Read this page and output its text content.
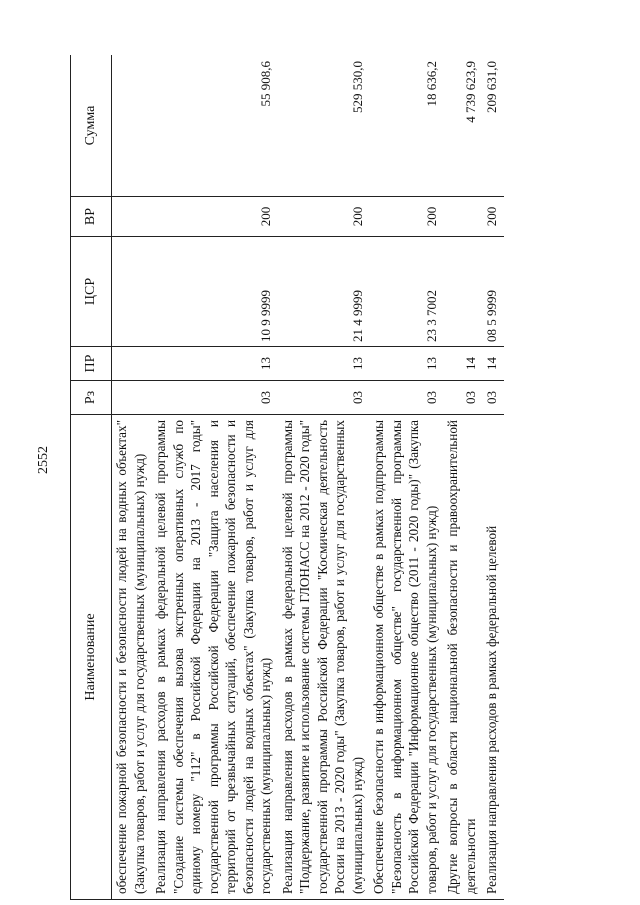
2552
Наименование	Рз	ПР	ЦСР	ВР	Сумма
обеспечение пожарной безопасности и безопасности людей на водных объектах" (Закупка товаров, работ и услуг для государственных (муниципальных) нужд)					
Реализация направления расходов в рамках федеральной целевой программы "Создание системы обеспечения вызова экстренных оперативных служб по единому номеру "112" в Российской Федерации на 2013 - 2017 годы" государственной программы Российской Федерации "Защита населения и территорий от чрезвычайных ситуаций, обеспечение пожарной безопасности и безопасности людей на водных объектах" (Закупка товаров, работ и услуг для государственных (муниципальных) нужд)	03	13	10 9 9999	200	55 908,6
Реализация направления расходов в рамках федеральной целевой программы "Поддержание, развитие и использование системы ГЛОНАСС на 2012 - 2020 годы" государственной программы Российской Федерации "Космическая деятельность России на 2013 - 2020 годы" (Закупка товаров, работ и услуг для государственных (муниципальных) нужд)	03	13	21 4 9999	200	529 530,0
Обеспечение безопасности в информационном обществе в рамках подпрограммы "Безопасность в информационном обществе" государственной программы Российской Федерации "Информационное общество (2011 - 2020 годы)" (Закупка товаров, работ и услуг для государственных (муниципальных) нужд)	03	13	23 3 7002	200	18 636,2
Другие вопросы в области национальной безопасности и правоохранительной деятельности	03	14			4 739 623,9
Реализация направления расходов в рамках федеральной целевой	03	14	08 5 9999	200	209 631,0
